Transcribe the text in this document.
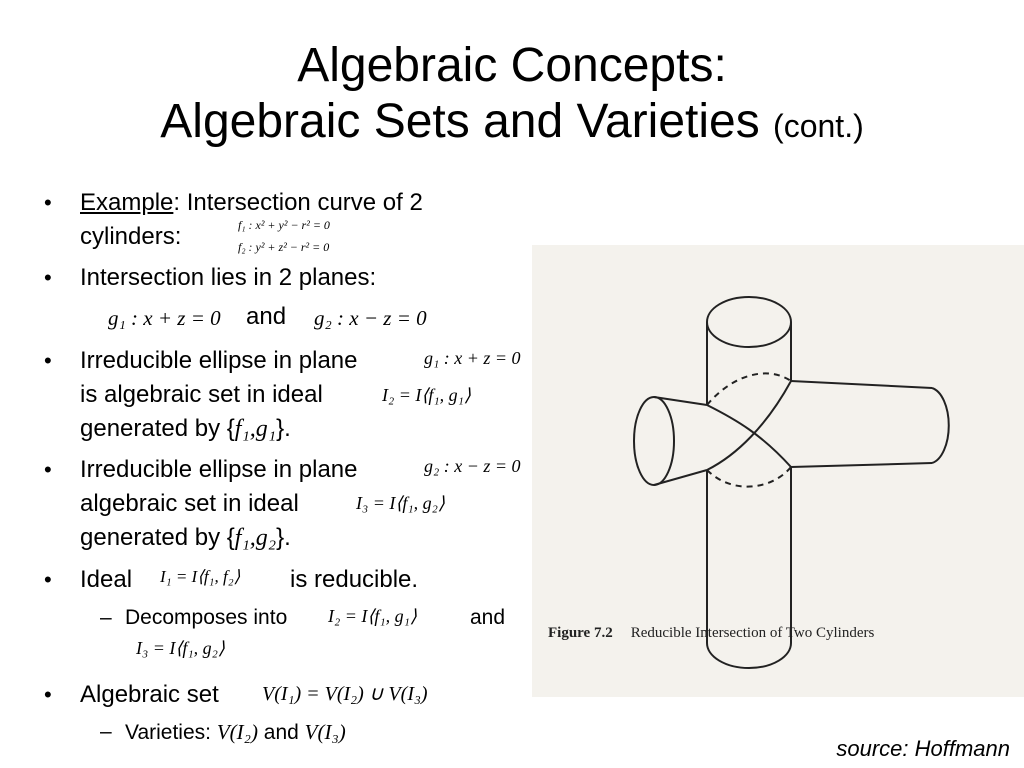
Algebraic Concepts:
Algebraic Sets and Varieties (cont.)
• Example: Intersection curve of 2
cylinders:	f₁ : x² + y² − r² = 0
f₂ : y² + z² − r² = 0
• Intersection lies in 2 planes:
g₁ : x + z = 0 and g₂ : x − z = 0
• Irreducible ellipse in plane	g₁ : x + z = 0
is algebraic set in ideal	I₂ = I⟨f₁, g₁⟩
generated by {f₁,g₁}.
• Irreducible ellipse in plane	g₂ : x − z = 0
algebraic set in ideal	I₃ = I⟨f₁, g₂⟩
generated by {f₁,g₂}.
• Ideal I₁ = I⟨f₁, f₂⟩ is reducible.
– Decomposes into I₂ = I⟨f₁, g₁⟩	and
I₃ = I⟨f₁, g₂⟩
• Algebraic set V(I₁) = V(I₂) ∪ V(I₃)
– Varieties: V(I₂) and V(I₃)
Figure 7.2 Reducible Intersection of Two Cylinders
source: Hoffmann
